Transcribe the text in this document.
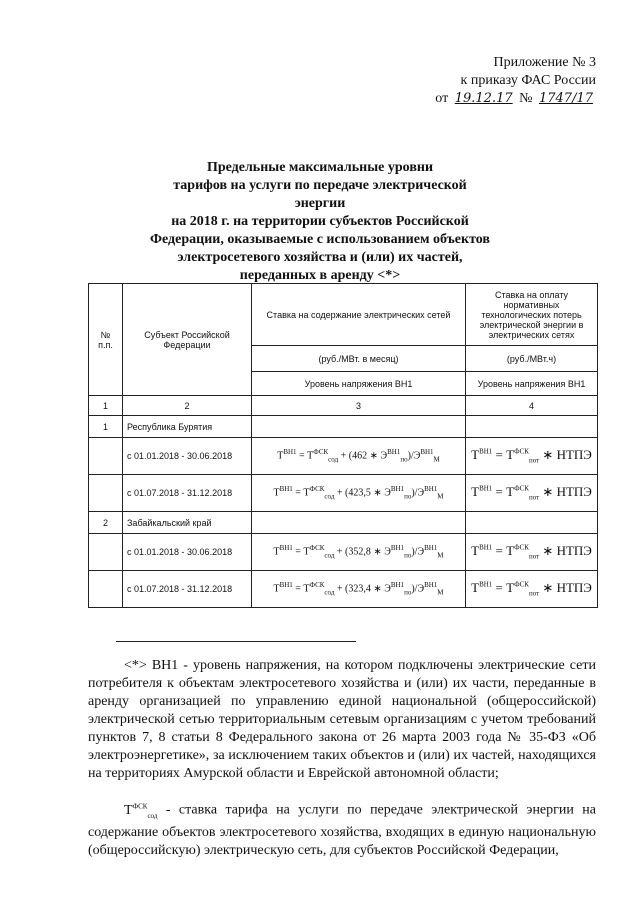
Приложение № 3
к приказу ФАС России
от 19.12.17 № 1747/17
Предельные максимальные уровни
тарифов на услуги по передаче электрической энергии
на 2018 г. на территории субъектов Российской
Федерации, оказываемые с использованием объектов
электросетевого хозяйства и (или) их частей,
переданных в аренду <*>
№ п.п.	Субъект Российской Федерации	Ставка на содержание электрических сетей	Ставка на оплату нормативных технологических потерь электрической энергии в электрических сетях
		(руб./МВт. в месяц)	(руб./МВт.ч)
		Уровень напряжения ВН1	Уровень напряжения ВН1
1	2	3	4
1	Республика Бурятия		
	с 01.01.2018 - 30.06.2018	$Т^{ВН1} = Т^{ФСК}_{сод} + (462$ ∗ $Э^{ВН1}_{по})/Э^{ВН1}_М$	$Т^{ВН1} = Т^{ФСК}_{пот}$ ∗ НТПЭ
	с 01.07.2018 - 31.12.2018	$Т^{ВН1} = Т^{ФСК}_{сод} + (423,5$ ∗ $Э^{ВН1}_{по})/Э^{ВН1}_М$	$Т^{ВН1} = Т^{ФСК}_{пот}$ ∗ НТПЭ
2	Забайкальский край		
	с 01.01.2018 - 30.06.2018	$Т^{ВН1} = Т^{ФСК}_{сод} + (352,8$ ∗ $Э^{ВН1}_{по})/Э^{ВН1}_М$	$Т^{ВН1} = Т^{ФСК}_{пот}$ ∗ НТПЭ
	с 01.07.2018 - 31.12.2018	$Т^{ВН1} = Т^{ФСК}_{сод} + (323,4$ ∗ $Э^{ВН1}_{по})/Э^{ВН1}_М$	$Т^{ВН1} = Т^{ФСК}_{пот}$ ∗ НТПЭ

<*> ВН1 - уровень напряжения, на котором подключены электрические сети потребителя к объектам электросетевого хозяйства и (или) их части, переданные в аренду организацией по управлению единой национальной (общероссийской) электрической сетью территориальным сетевым организациям с учетом требований пунктов 7, 8 статьи 8 Федерального закона от 26 марта 2003 года № 35-ФЗ «Об электроэнергетике», за исключением таких объектов и (или) их частей, находящихся на территориях Амурской области и Еврейской автономной области;

$Т^{ФСК}_{сод}$ - ставка тарифа на услуги по передаче электрической энергии на содержание объектов электросетевого хозяйства, входящих в единую национальную (общероссийскую) электрическую сеть, для субъектов Российской Федерации,
